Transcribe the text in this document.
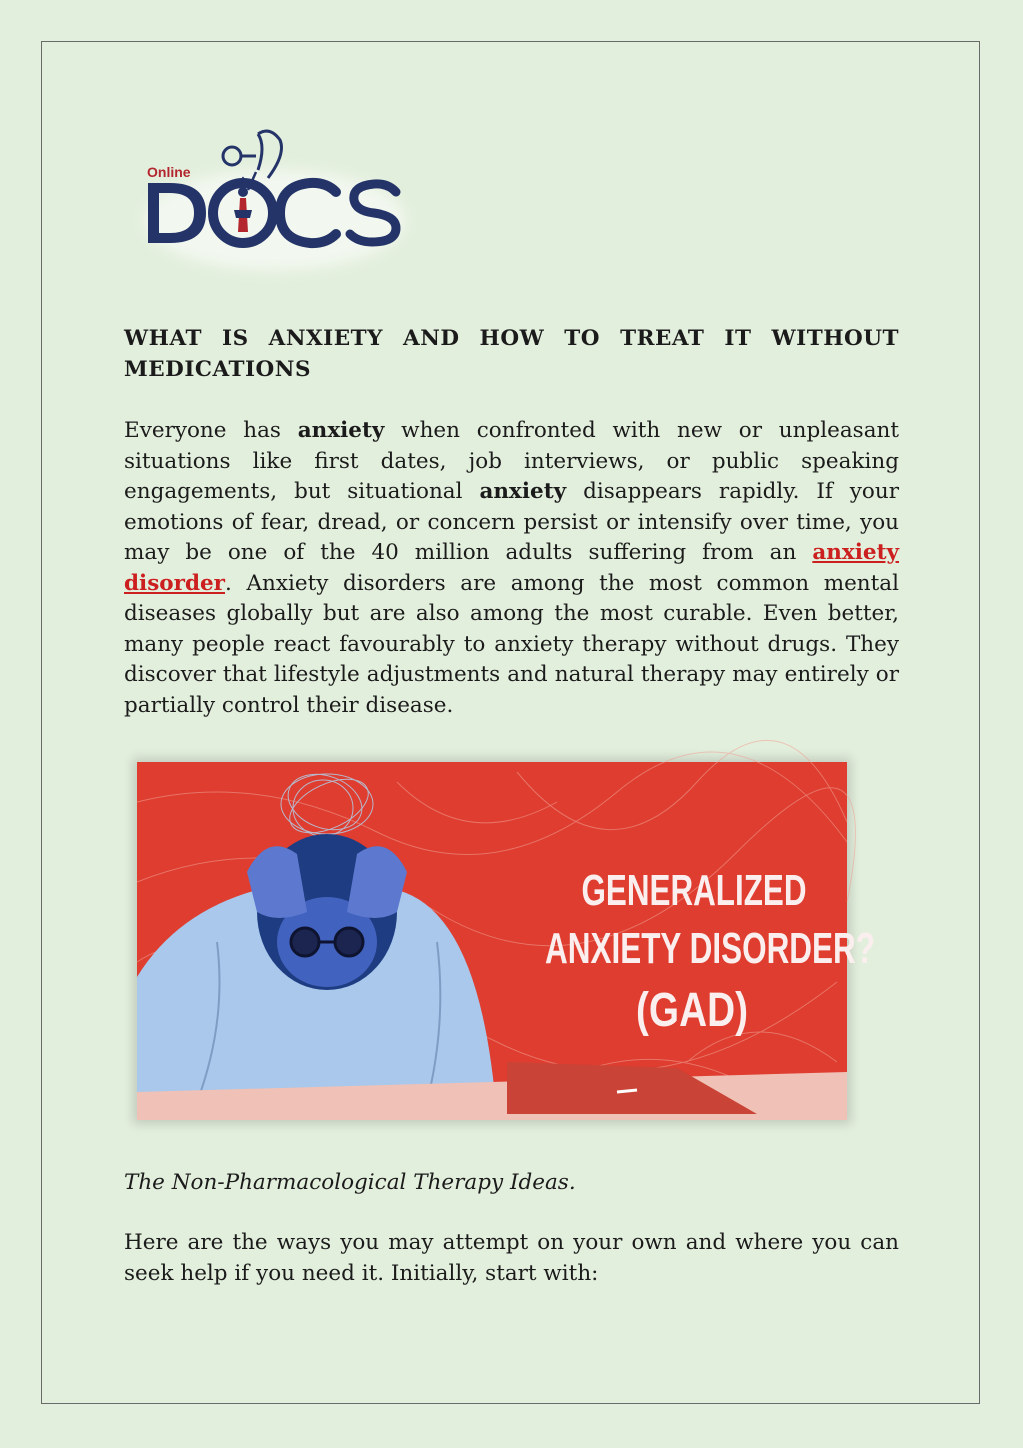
Online
WHAT IS ANXIETY AND HOW TO TREAT IT WITHOUT MEDICATIONS

Everyone has anxiety when confronted with new or unpleasant situations like first dates, job interviews, or public speaking engagements, but situational anxiety disappears rapidly. If your emotions of fear, dread, or concern persist or intensify over time, you may be one of the 40 million adults suffering from an anxiety disorder. Anxiety disorders are among the most common mental diseases globally but are also among the most curable. Even better, many people react favourably to anxiety therapy without drugs. They discover that lifestyle adjustments and natural therapy may entirely or partially control their disease.

GENERALIZED
ANXIETY DISORDER?
(GAD)

The Non-Pharmacological Therapy Ideas.

Here are the ways you may attempt on your own and where you can seek help if you need it. Initially, start with:
